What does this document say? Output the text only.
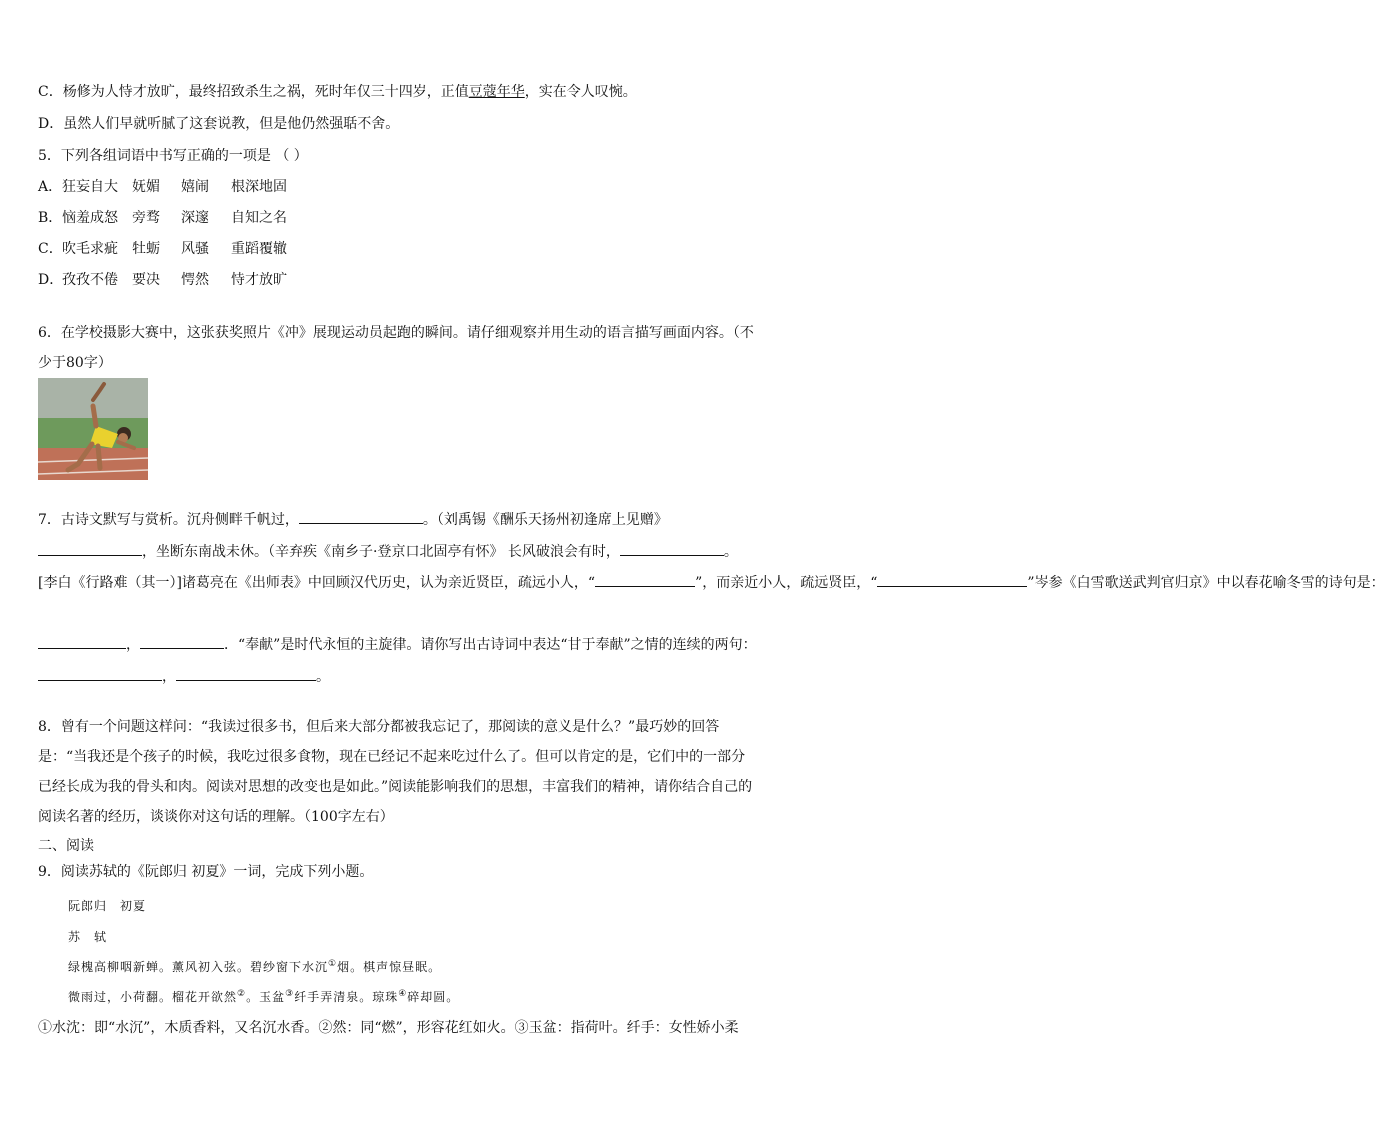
C．杨修为人恃才放旷，最终招致杀生之祸，死时年仅三十四岁，正值豆蔻年华，实在令人叹惋。
D．虽然人们早就听腻了这套说教，但是他仍然强聒不舍。
5．下列各组词语中书写正确的一项是 （ ）
A．狂妄自大 妩媚 嬉闹 根深地固
B．恼羞成怒 旁骛 深邃 自知之名
C．吹毛求疵 牡蛎 风骚 重蹈覆辙
D．孜孜不倦 要决 愕然 恃才放旷
6．在学校摄影大赛中，这张获奖照片《冲》展现运动员起跑的瞬间。请仔细观察并用生动的语言描写画面内容。（不少于80字）
7．古诗文默写与赏析。沉舟侧畔千帆过，	。（刘禹锡《酬乐天扬州初逢席上见赠》
，坐断东南战未休。（辛弃疾《南乡子·登京口北固亭有怀》 长风破浪会有时，	。
[李白《行路难（其一）]诸葛亮在《出师表》中回顾汉代历史，认为亲近贤臣，疏远小人，“	”，而亲近小人，疏远贤臣，“	”岑参《白雪歌送武判官归京》中以春花喻冬雪的诗句是：
，	．“奉献”是时代永恒的主旋律。请你写出古诗词中表达“甘于奉献”之情的连续的两句：
，	。
8．曾有一个问题这样问：“我读过很多书，但后来大部分都被我忘记了，那阅读的意义是什么？”最巧妙的回答是：“当我还是个孩子的时候，我吃过很多食物，现在已经记不起来吃过什么了。但可以肯定的是，它们中的一部分已经长成为我的骨头和肉。阅读对思想的改变也是如此。”阅读能影响我们的思想，丰富我们的精神，请你结合自己的阅读名著的经历，谈谈你对这句话的理解。（100字左右）
二、阅读
9．阅读苏轼的《阮郎归 初夏》一词，完成下列小题。
阮郎归　初夏
苏　轼
绿槐高柳咽新蝉。薰风初入弦。碧纱窗下水沉①烟。棋声惊昼眠。
微雨过，小荷翻。榴花开欲然②。玉盆③纤手弄清泉。琼珠④碎却圆。
①水沈：即“水沉”，木质香料，又名沉水香。②然：同“燃”，形容花红如火。③玉盆：指荷叶。纤手：女性娇小柔
